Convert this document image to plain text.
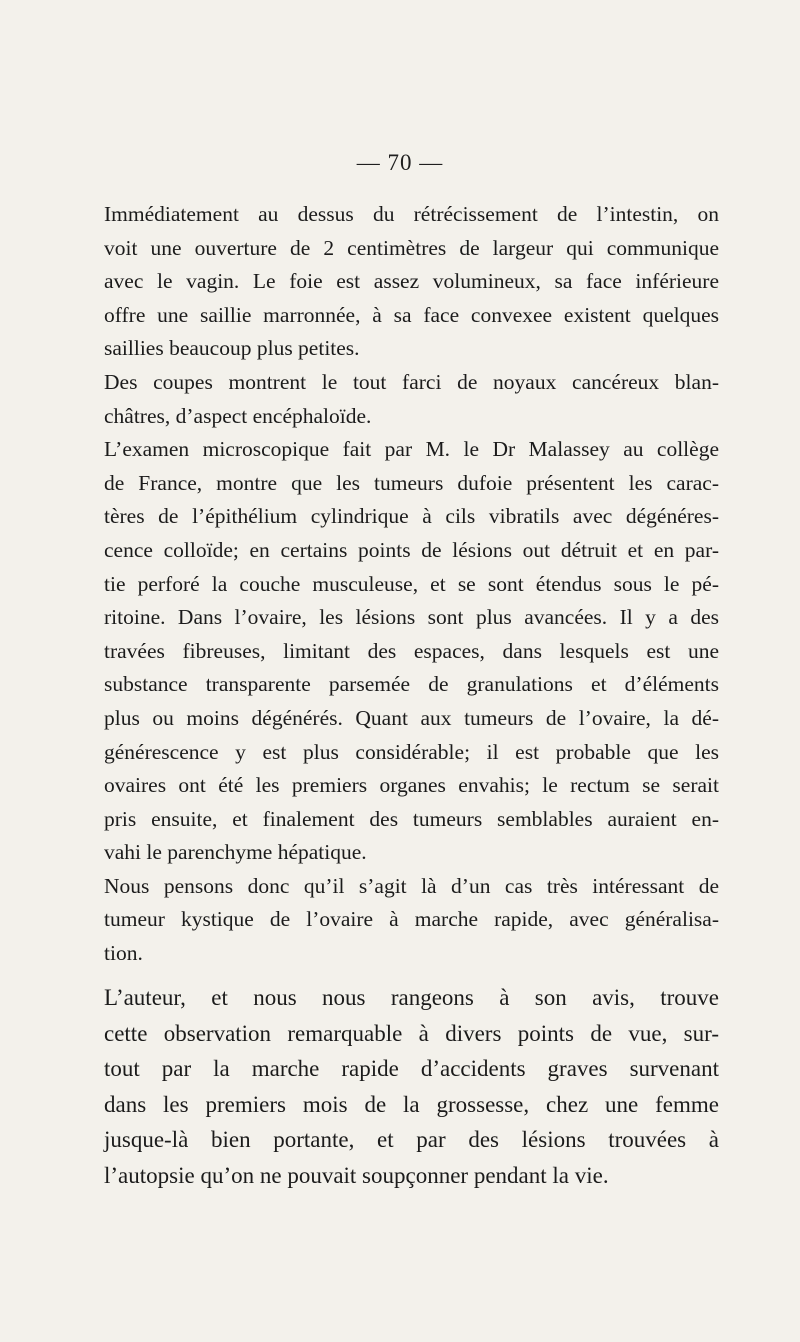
— 70 —
Immédiatement au dessus du rétrécissement de l’intestin, on
voit une ouverture de 2 centimètres de largeur qui communique
avec le vagin. Le foie est assez volumineux, sa face inférieure
offre une saillie marronnée, à sa face convexee existent quelques
saillies beaucoup plus petites.
Des coupes montrent le tout farci de noyaux cancéreux blan-
châtres, d’aspect encéphaloïde.
L’examen microscopique fait par M. le Dr Malassey au collège
de France, montre que les tumeurs dufoie présentent les carac-
tères de l’épithélium cylindrique à cils vibratils avec dégénéres-
cence colloïde; en certains points de lésions out détruit et en par-
tie perforé la couche musculeuse, et se sont étendus sous le pé-
ritoine. Dans l’ovaire, les lésions sont plus avancées. Il y a des
travées fibreuses, limitant des espaces, dans lesquels est une
substance transparente parsemée de granulations et d’éléments
plus ou moins dégénérés. Quant aux tumeurs de l’ovaire, la dé-
générescence y est plus considérable; il est probable que les
ovaires ont été les premiers organes envahis; le rectum se serait
pris ensuite, et finalement des tumeurs semblables auraient en-
vahi le parenchyme hépatique.
Nous pensons donc qu’il s’agit là d’un cas très intéressant de
tumeur kystique de l’ovaire à marche rapide, avec généralisa-
tion.
L’auteur, et nous nous rangeons à son avis, trouve
cette observation remarquable à divers points de vue, sur-
tout par la marche rapide d’accidents graves survenant
dans les premiers mois de la grossesse, chez une femme
jusque-là bien portante, et par des lésions trouvées à
l’autopsie qu’on ne pouvait soupçonner pendant la vie.
